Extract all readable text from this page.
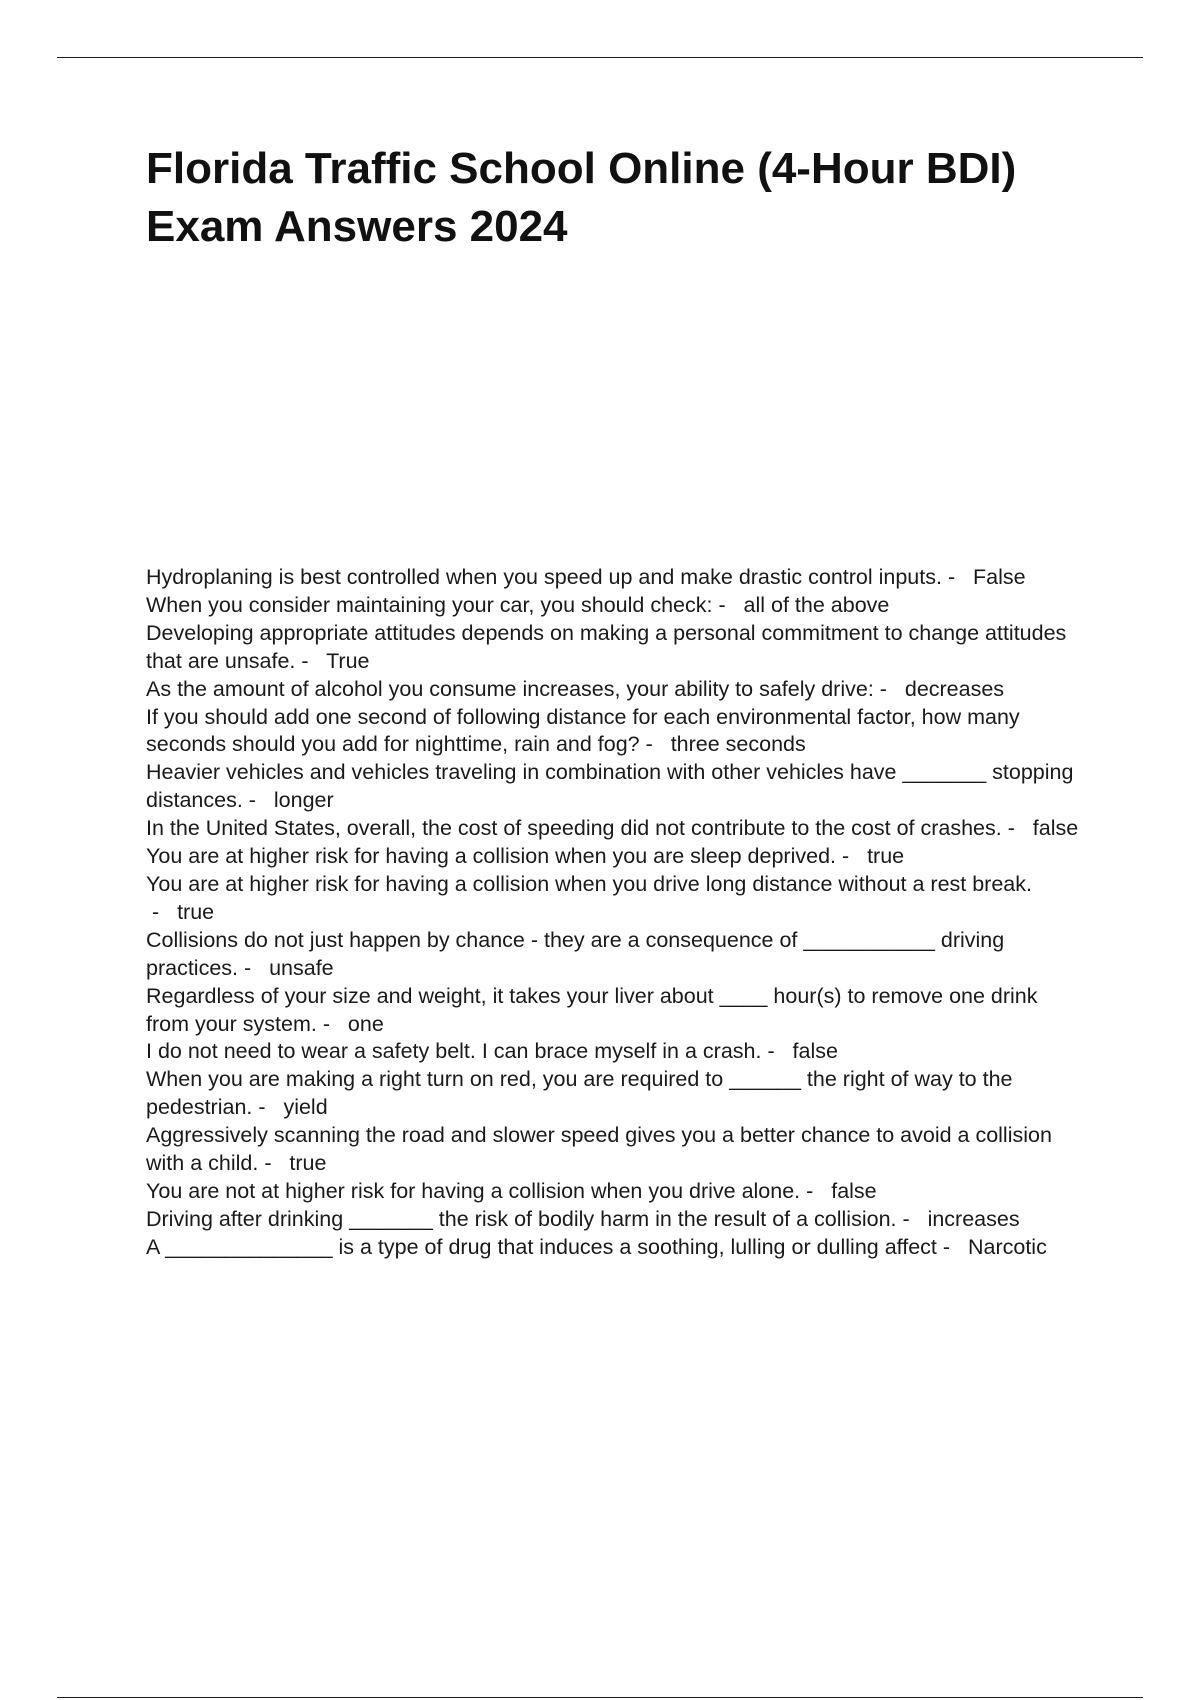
Florida Traffic School Online (4-Hour BDI) Exam Answers 2024
Hydroplaning is best controlled when you speed up and make drastic control inputs. -   False
When you consider maintaining your car, you should check: -   all of the above
Developing appropriate attitudes depends on making a personal commitment to change attitudes that are unsafe. -   True
As the amount of alcohol you consume increases, your ability to safely drive: -   decreases
If you should add one second of following distance for each environmental factor, how many seconds should you add for nighttime, rain and fog? -   three seconds
Heavier vehicles and vehicles traveling in combination with other vehicles have _______ stopping distances. -   longer
In the United States, overall, the cost of speeding did not contribute to the cost of crashes. -   false
You are at higher risk for having a collision when you are sleep deprived. -   true
You are at higher risk for having a collision when you drive long distance without a rest break. -   true
Collisions do not just happen by chance - they are a consequence of ___________ driving practices. -   unsafe
Regardless of your size and weight, it takes your liver about ____ hour(s) to remove one drink from your system. -   one
I do not need to wear a safety belt. I can brace myself in a crash. -   false
When you are making a right turn on red, you are required to ______ the right of way to the pedestrian. -   yield
Aggressively scanning the road and slower speed gives you a better chance to avoid a collision with a child. -   true
You are not at higher risk for having a collision when you drive alone. -   false
Driving after drinking _______ the risk of bodily harm in the result of a collision. -   increases
A ______________ is a type of drug that induces a soothing, lulling or dulling affect -   Narcotic
